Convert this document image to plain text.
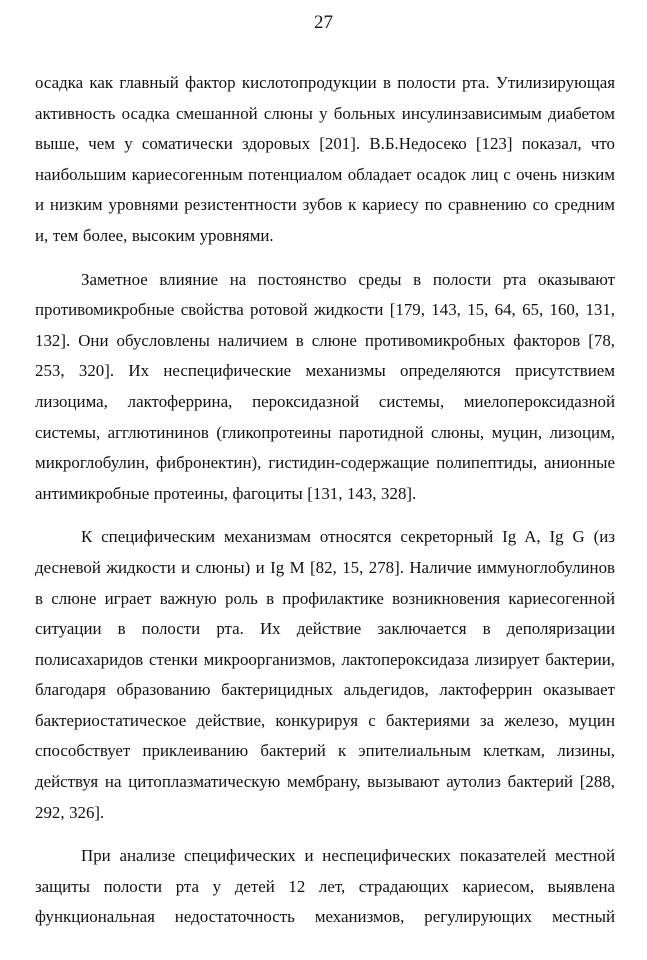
27

осадка как главный фактор кислотопродукции в полости рта. Утилизирующая активность осадка смешанной слюны у больных инсулинзависимым диабетом выше, чем у соматически здоровых [201]. В.Б.Недосеко [123] показал, что наибольшим кариесогенным потенциалом обладает осадок лиц с очень низким и низким уровнями резистентности зубов к кариесу по сравнению со средним и, тем более, высоким уровнями.

Заметное влияние на постоянство среды в полости рта оказывают противомикробные свойства ротовой жидкости [179, 143, 15, 64, 65, 160, 131, 132]. Они обусловлены наличием в слюне противомикробных факторов [78, 253, 320]. Их неспецифические механизмы определяются присутствием лизоцима, лактоферрина, пероксидазной системы, миелопероксидазной системы, агглютининов (гликопротеины паротидной слюны, муцин, лизоцим, микроглобулин, фибронектин), гистидин-содержащие полипептиды, анионные антимикробные протеины, фагоциты [131, 143, 328].

К специфическим механизмам относятся секреторный Ig A, Ig G (из десневой жидкости и слюны) и Ig M [82, 15, 278]. Наличие иммуноглобулинов в слюне играет важную роль в профилактике возникновения кариесогенной ситуации в полости рта. Их действие заключается в деполяризации полисахаридов стенки микроорганизмов, лактопероксидаза лизирует бактерии, благодаря образованию бактерицидных альдегидов, лактоферрин оказывает бактериостатическое действие, конкурируя с бактериями за железо, муцин способствует приклеиванию бактерий к эпителиальным клеткам, лизины, действуя на цитоплазматическую мембрану, вызывают аутолиз бактерий [288, 292, 326].

При анализе специфических и неспецифических показателей местной защиты полости рта у детей 12 лет, страдающих кариесом, выявлена функциональная недостаточность механизмов, регулирующих местный
